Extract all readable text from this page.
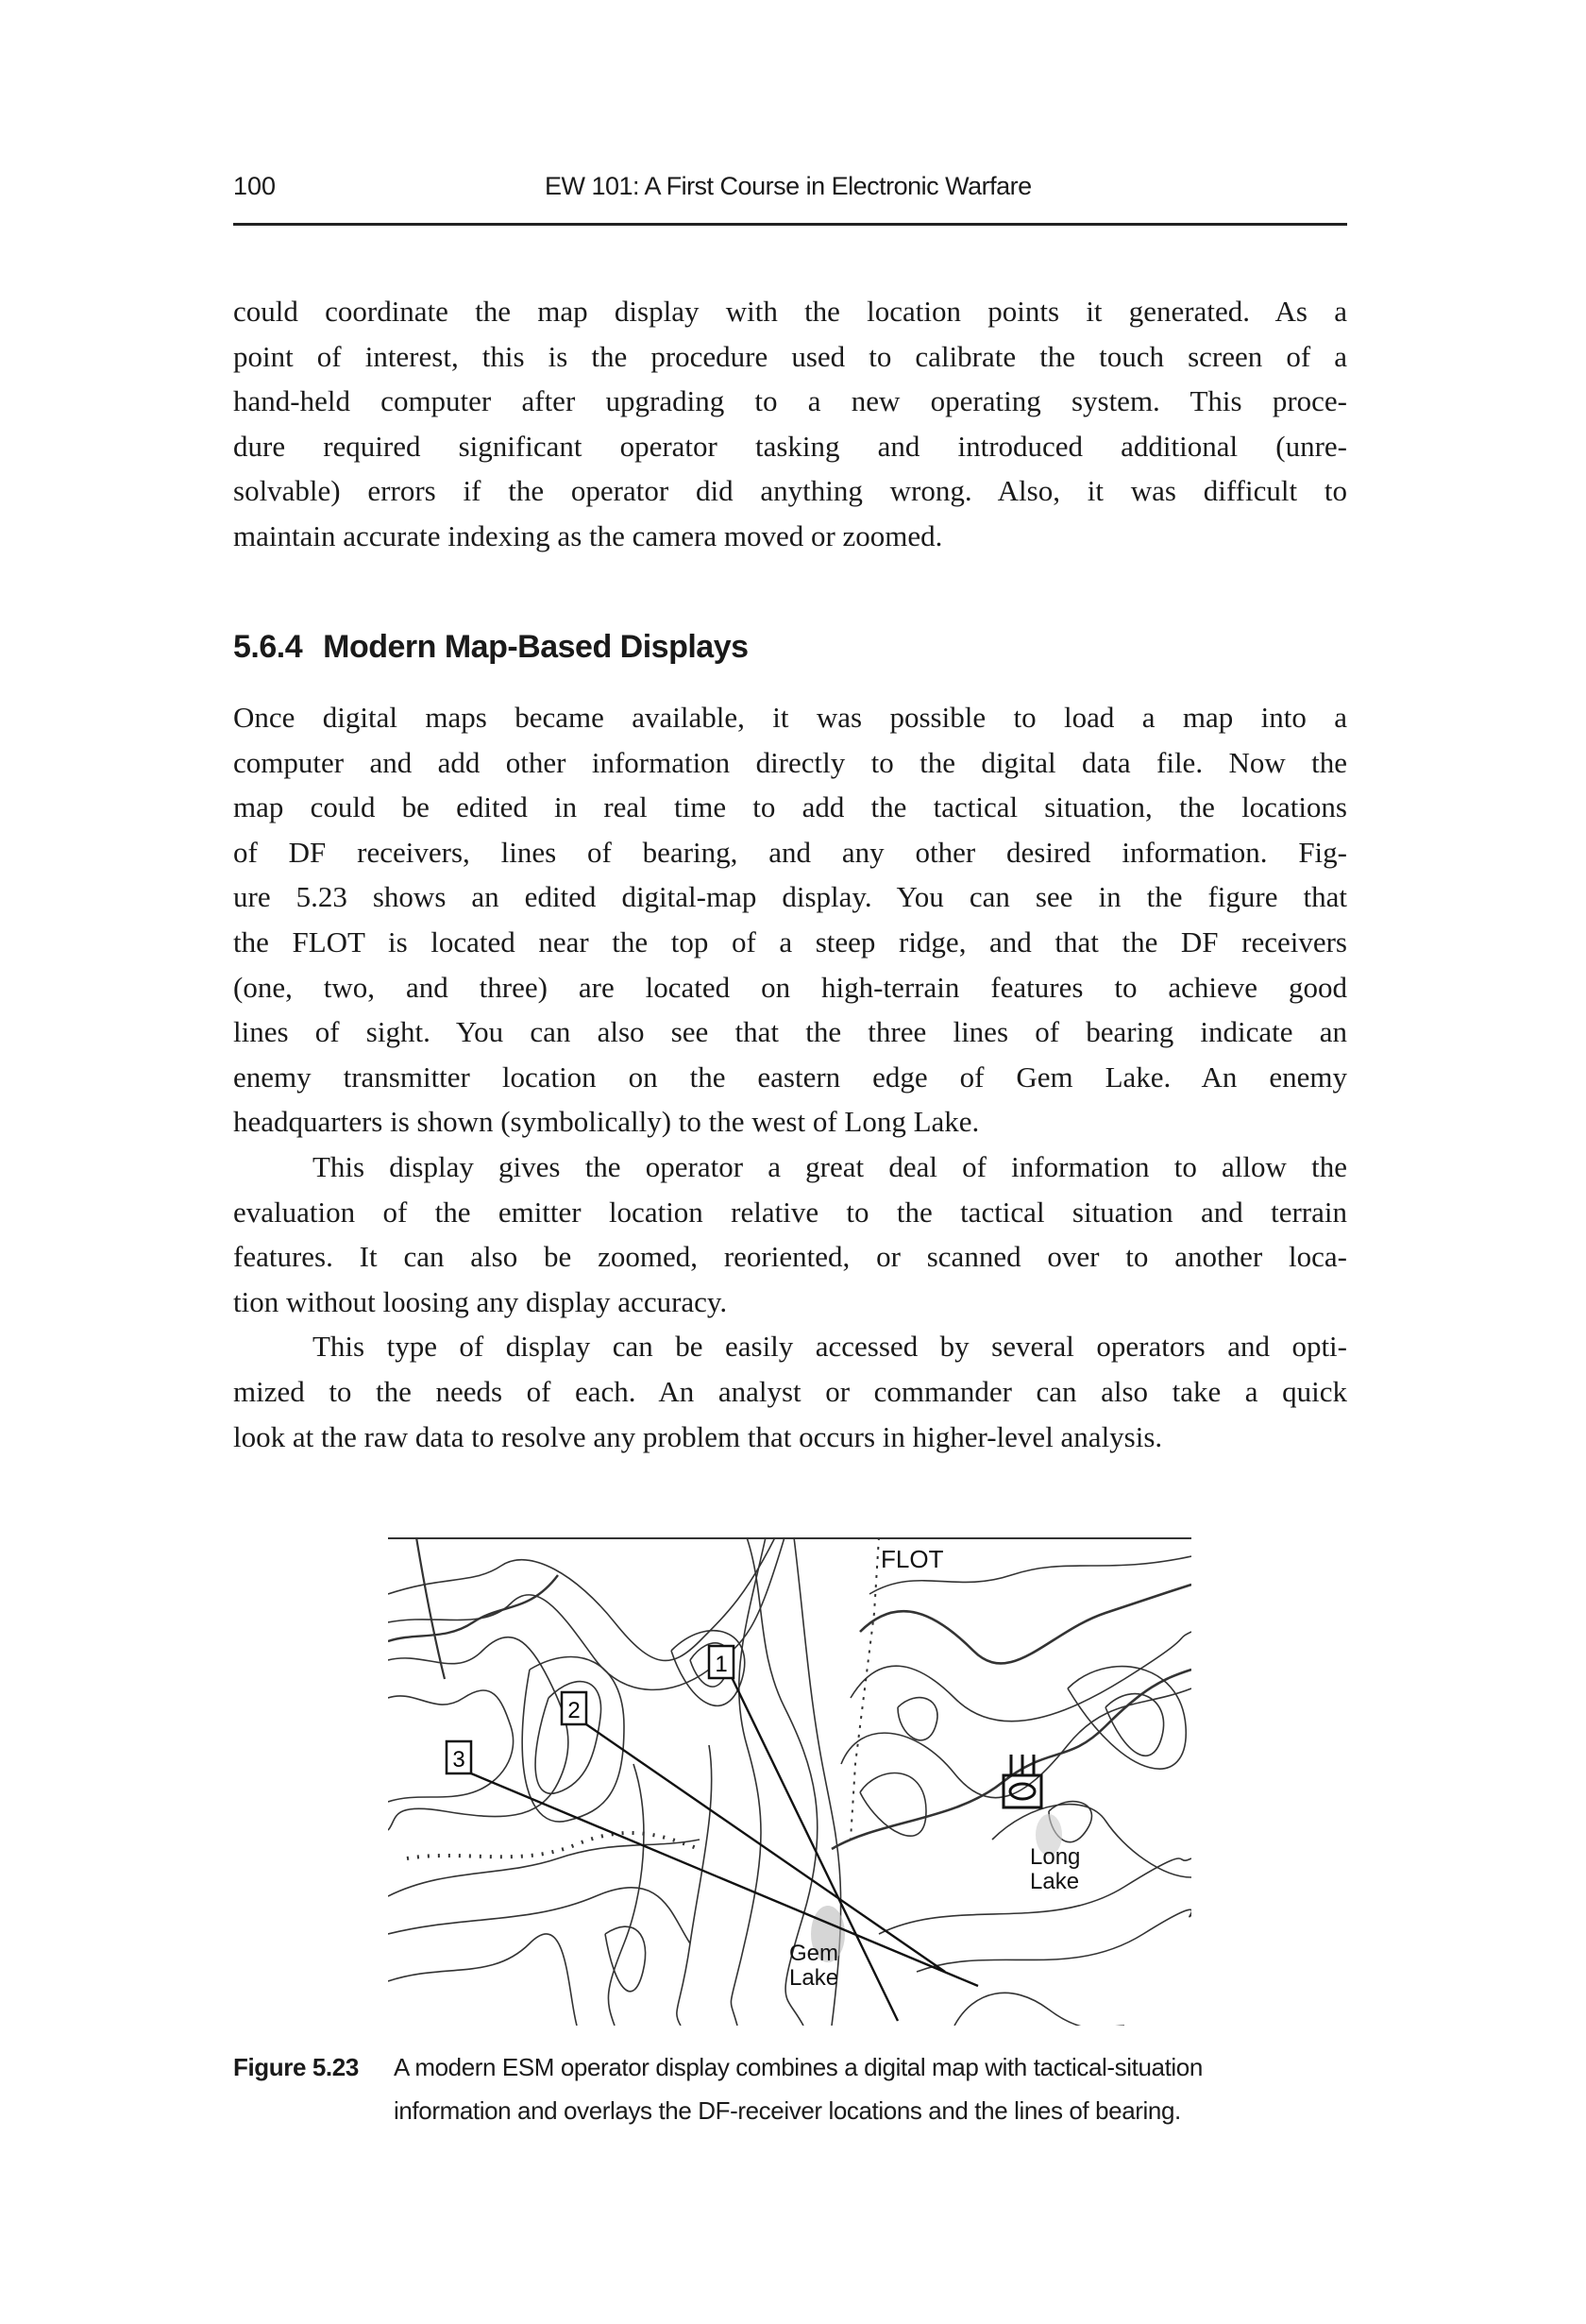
100	EW 101: A First Course in Electronic Warfare
could coordinate the map display with the location points it generated. As a
point of interest, this is the procedure used to calibrate the touch screen of a
hand-held computer after upgrading to a new operating system. This proce-
dure required significant operator tasking and introduced additional (unre-
solvable) errors if the operator did anything wrong. Also, it was difficult to
maintain accurate indexing as the camera moved or zoomed.
5.6.4 Modern Map-Based Displays
Once digital maps became available, it was possible to load a map into a
computer and add other information directly to the digital data file. Now the
map could be edited in real time to add the tactical situation, the locations
of DF receivers, lines of bearing, and any other desired information. Fig-
ure 5.23 shows an edited digital-map display. You can see in the figure that
the FLOT is located near the top of a steep ridge, and that the DF receivers
(one, two, and three) are located on high-terrain features to achieve good
lines of sight. You can also see that the three lines of bearing indicate an
enemy transmitter location on the eastern edge of Gem Lake. An enemy
headquarters is shown (symbolically) to the west of Long Lake.
This display gives the operator a great deal of information to allow the
evaluation of the emitter location relative to the tactical situation and terrain
features. It can also be zoomed, reoriented, or scanned over to another loca-
tion without loosing any display accuracy.
This type of display can be easily accessed by several operators and opti-
mized to the needs of each. An analyst or commander can also take a quick
look at the raw data to resolve any problem that occurs in higher-level analysis.
1
2
3
FLOT
Gem
Lake
Long
Lake
Figure 5.23 A modern ESM operator display combines a digital map with tactical-situation
information and overlays the DF-receiver locations and the lines of bearing.
